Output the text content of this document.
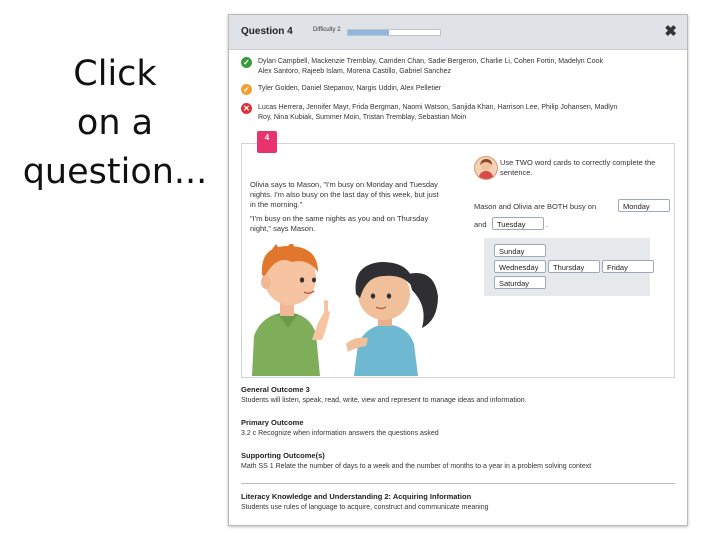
Click
on a
question...
Question 4	Difficulty 2	✖
✓	Dylan Campbell, Mackenzie Tremblay, Camden Chan, Sadie Bergeron, Charlie Li, Cohen Fortin, Madelyn Cook
Alex Santoro, Rajeeb Islam, Morena Castillo, Gabriel Sanchez
✓	Tyler Golden, Daniel Stepanov, Nargis Uddin, Alex Pelletier
✕	Lucas Herrera, Jennifer Mayr, Frida Bergman, Naomi Watson, Sanjida Khan, Harrison Lee, Philip Johansen, Madlyn
Roy, Nina Kubiak, Summer Moin, Tristan Tremblay, Sebastian Moin

Olivia says to Mason, "I'm busy on Monday and Tuesday nights. I'm also busy on the last day of this week, but just in the morning."

"I'm busy on the same nights as you and on Thursday night," says Mason.

Use TWO word cards to correctly complete the sentence.
Mason and Olivia are BOTH busy on	Monday
and	Tuesday	.
Sunday
Wednesday	Thursday	Friday
Saturday
4
General Outcome 3
Students will listen, speak, read, write, view and represent to manage ideas and information.
Primary Outcome
3.2 c Recognize when information answers the questions asked
Supporting Outcome(s)
Math SS 1 Relate the number of days to a week and the number of months to a year in a problem solving context
Literacy Knowledge and Understanding 2: Acquiring Information
Students use rules of language to acquire, construct and communicate meaning
